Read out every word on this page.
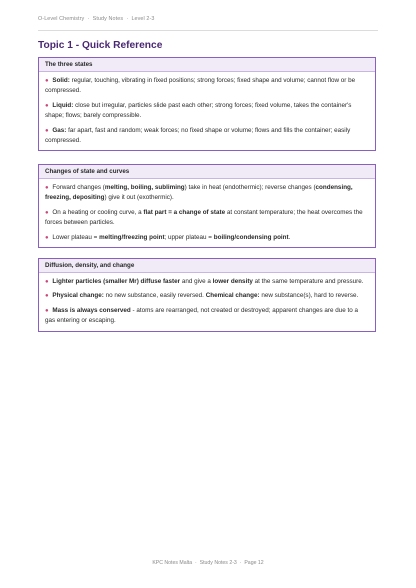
O-Level Chemistry · Study Notes · Level 2-3
Topic 1 - Quick Reference
The three states
● Solid: regular, touching, vibrating in fixed positions; strong forces; fixed shape and volume; cannot flow or be compressed.
● Liquid: close but irregular, particles slide past each other; strong forces; fixed volume, takes the container's shape; flows; barely compressible.
● Gas: far apart, fast and random; weak forces; no fixed shape or volume; flows and fills the container; easily compressed.
Changes of state and curves
● Forward changes (melting, boiling, subliming) take in heat (endothermic); reverse changes (condensing, freezing, depositing) give it out (exothermic).
● On a heating or cooling curve, a flat part = a change of state at constant temperature; the heat overcomes the forces between particles.
● Lower plateau = melting/freezing point; upper plateau = boiling/condensing point.
Diffusion, density, and change
● Lighter particles (smaller Mr) diffuse faster and give a lower density at the same temperature and pressure.
● Physical change: no new substance, easily reversed. Chemical change: new substance(s), hard to reverse.
● Mass is always conserved - atoms are rearranged, not created or destroyed; apparent changes are due to a gas entering or escaping.
KPC Notes Malta · Study Notes 2-3 · Page 12
